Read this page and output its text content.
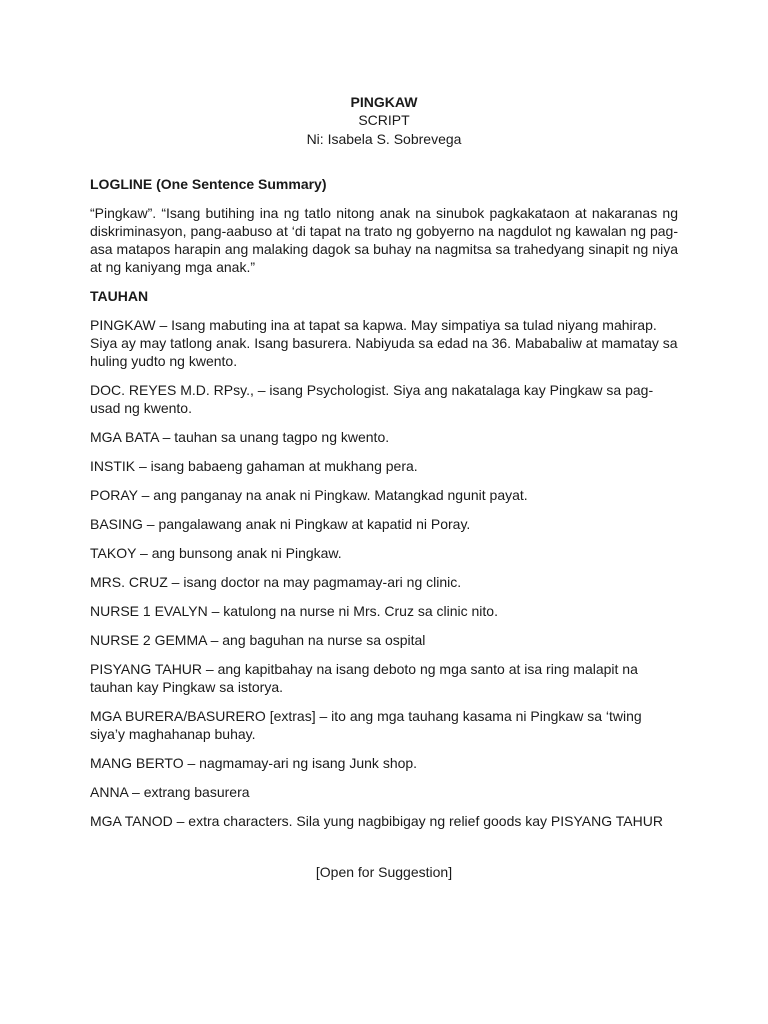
PINGKAW
SCRIPT
Ni: Isabela S. Sobrevega

LOGLINE (One Sentence Summary)

“Pingkaw”. “Isang butihing ina ng tatlo nitong anak na sinubok pagkakataon at nakaranas ng diskriminasyon, pang-aabuso at ‘di tapat na trato ng gobyerno na nagdulot ng kawalan ng pag-asa matapos harapin ang malaking dagok sa buhay na nagmitsa sa trahedyang sinapit ng niya at ng kaniyang mga anak.”

TAUHAN

PINGKAW – Isang mabuting ina at tapat sa kapwa. May simpatiya sa tulad niyang mahirap. Siya ay may tatlong anak. Isang basurera. Nabiyuda sa edad na 36. Mababaliw at mamatay sa huling yudto ng kwento.

DOC. REYES M.D. RPsy., – isang Psychologist. Siya ang nakatalaga kay Pingkaw sa pag-usad ng kwento.

MGA BATA – tauhan sa unang tagpo ng kwento.

INSTIK – isang babaeng gahaman at mukhang pera.

PORAY – ang panganay na anak ni Pingkaw. Matangkad ngunit payat.

BASING – pangalawang anak ni Pingkaw at kapatid ni Poray.

TAKOY – ang bunsong anak ni Pingkaw.

MRS. CRUZ – isang doctor na may pagmamay-ari ng clinic.

NURSE 1 EVALYN – katulong na nurse ni Mrs. Cruz sa clinic nito.

NURSE 2 GEMMA – ang baguhan na nurse sa ospital

PISYANG TAHUR – ang kapitbahay na isang deboto ng mga santo at isa ring malapit na tauhan kay Pingkaw sa istorya.

MGA BURERA/BASURERO [extras] – ito ang mga tauhang kasama ni Pingkaw sa ‘twing siya’y maghahanap buhay.

MANG BERTO – nagmamay-ari ng isang Junk shop.

ANNA – extrang basurera

MGA TANOD – extra characters. Sila yung nagbibigay ng relief goods kay PISYANG TAHUR

[Open for Suggestion]
